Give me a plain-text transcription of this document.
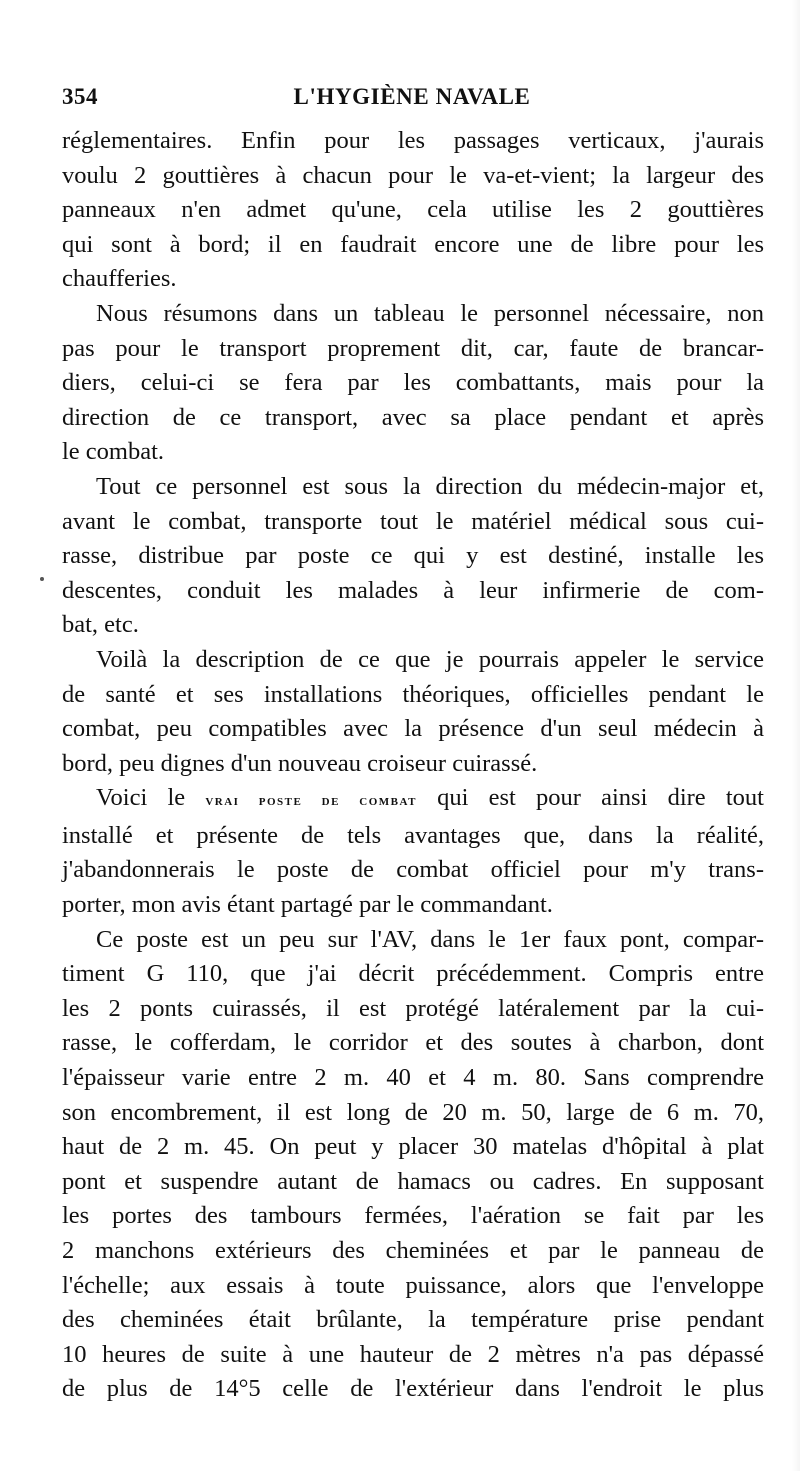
354	L'HYGIÈNE NAVALE

réglementaires. Enfin pour les passages verticaux, j'aurais

voulu 2 gouttières à chacun pour le va-et-vient; la largeur des

panneaux n'en admet qu'une, cela utilise les 2 gouttières

qui sont à bord; il en faudrait encore une de libre pour les

chaufferies.

Nous résumons dans un tableau le personnel nécessaire, non

pas pour le transport proprement dit, car, faute de brancar-

diers, celui-ci se fera par les combattants, mais pour la

direction de ce transport, avec sa place pendant et après

le combat.

Tout ce personnel est sous la direction du médecin-major et,

avant le combat, transporte tout le matériel médical sous cui-

rasse, distribue par poste ce qui y est destiné, installe les

descentes, conduit les malades à leur infirmerie de com-

bat, etc.

Voilà la description de ce que je pourrais appeler le service

de santé et ses installations théoriques, officielles pendant le

combat, peu compatibles avec la présence d'un seul médecin à

bord, peu dignes d'un nouveau croiseur cuirassé.

Voici le vrai poste de combat qui est pour ainsi dire tout

installé et présente de tels avantages que, dans la réalité,

j'abandonnerais le poste de combat officiel pour m'y trans-

porter, mon avis étant partagé par le commandant.

Ce poste est un peu sur l'AV, dans le 1er faux pont, compar-

timent G 110, que j'ai décrit précédemment. Compris entre

les 2 ponts cuirassés, il est protégé latéralement par la cui-

rasse, le cofferdam, le corridor et des soutes à charbon, dont

l'épaisseur varie entre 2 m. 40 et 4 m. 80. Sans comprendre

son encombrement, il est long de 20 m. 50, large de 6 m. 70,

haut de 2 m. 45. On peut y placer 30 matelas d'hôpital à plat

pont et suspendre autant de hamacs ou cadres. En supposant

les portes des tambours fermées, l'aération se fait par les

2 manchons extérieurs des cheminées et par le panneau de

l'échelle; aux essais à toute puissance, alors que l'enveloppe

des cheminées était brûlante, la température prise pendant

10 heures de suite à une hauteur de 2 mètres n'a pas dépassé

de plus de 14°5 celle de l'extérieur dans l'endroit le plus
